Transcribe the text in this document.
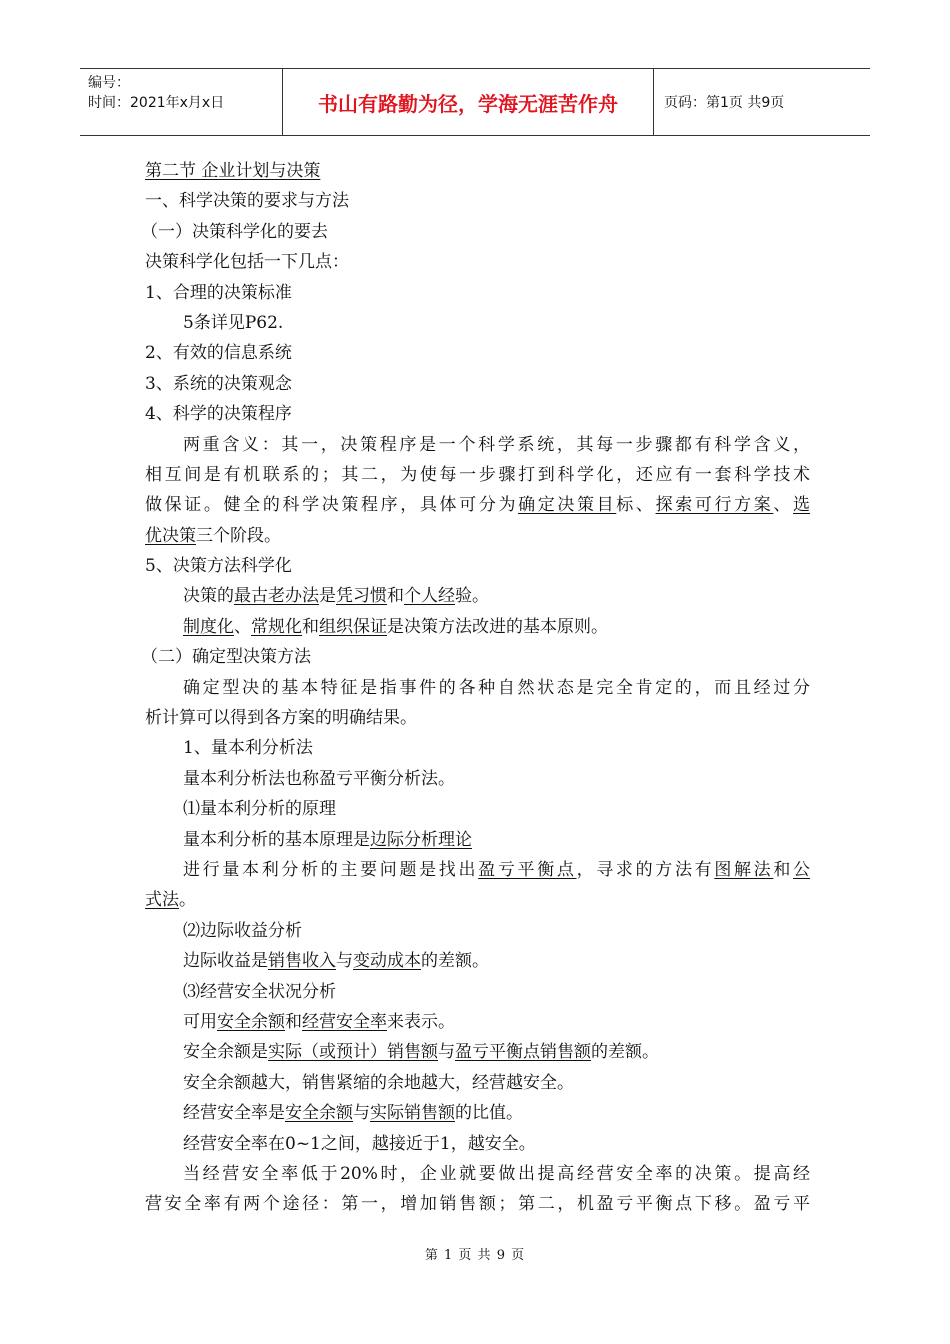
编号：
时间：2021年x月x日	书山有路勤为径，学海无涯苦作舟	页码：第1页 共9页
第二节 企业计划与决策
一、科学决策的要求与方法
（一）决策科学化的要去
决策科学化包括一下几点：
1、合理的决策标准
5条详见P62.
2、有效的信息系统
3、系统的决策观念
4、科学的决策程序
两重含义：其一，决策程序是一个科学系统，其每一步骤都有科学含义，
相互间是有机联系的；其二，为使每一步骤打到科学化，还应有一套科学技术
做保证。健全的科学决策程序，具体可分为确定决策目标、探索可行方案、选
优决策三个阶段。
5、决策方法科学化
决策的最古老办法是凭习惯和个人经验。
制度化、常规化和组织保证是决策方法改进的基本原则。
（二）确定型决策方法
确定型决的基本特征是指事件的各种自然状态是完全肯定的，而且经过分
析计算可以得到各方案的明确结果。
1、量本利分析法
量本利分析法也称盈亏平衡分析法。
⑴量本利分析的原理
量本利分析的基本原理是边际分析理论
进行量本利分析的主要问题是找出盈亏平衡点，寻求的方法有图解法和公
式法。
⑵边际收益分析
边际收益是销售收入与变动成本的差额。
⑶经营安全状况分析
可用安全余额和经营安全率来表示。
安全余额是实际（或预计）销售额与盈亏平衡点销售额的差额。
安全余额越大，销售紧缩的余地越大，经营越安全。
经营安全率是安全余额与实际销售额的比值。
经营安全率在0~1之间，越接近于1，越安全。
当经营安全率低于20%时，企业就要做出提高经营安全率的决策。提高经
营安全率有两个途径：第一，增加销售额；第二，机盈亏平衡点下移。盈亏平
第 1 页 共 9 页
